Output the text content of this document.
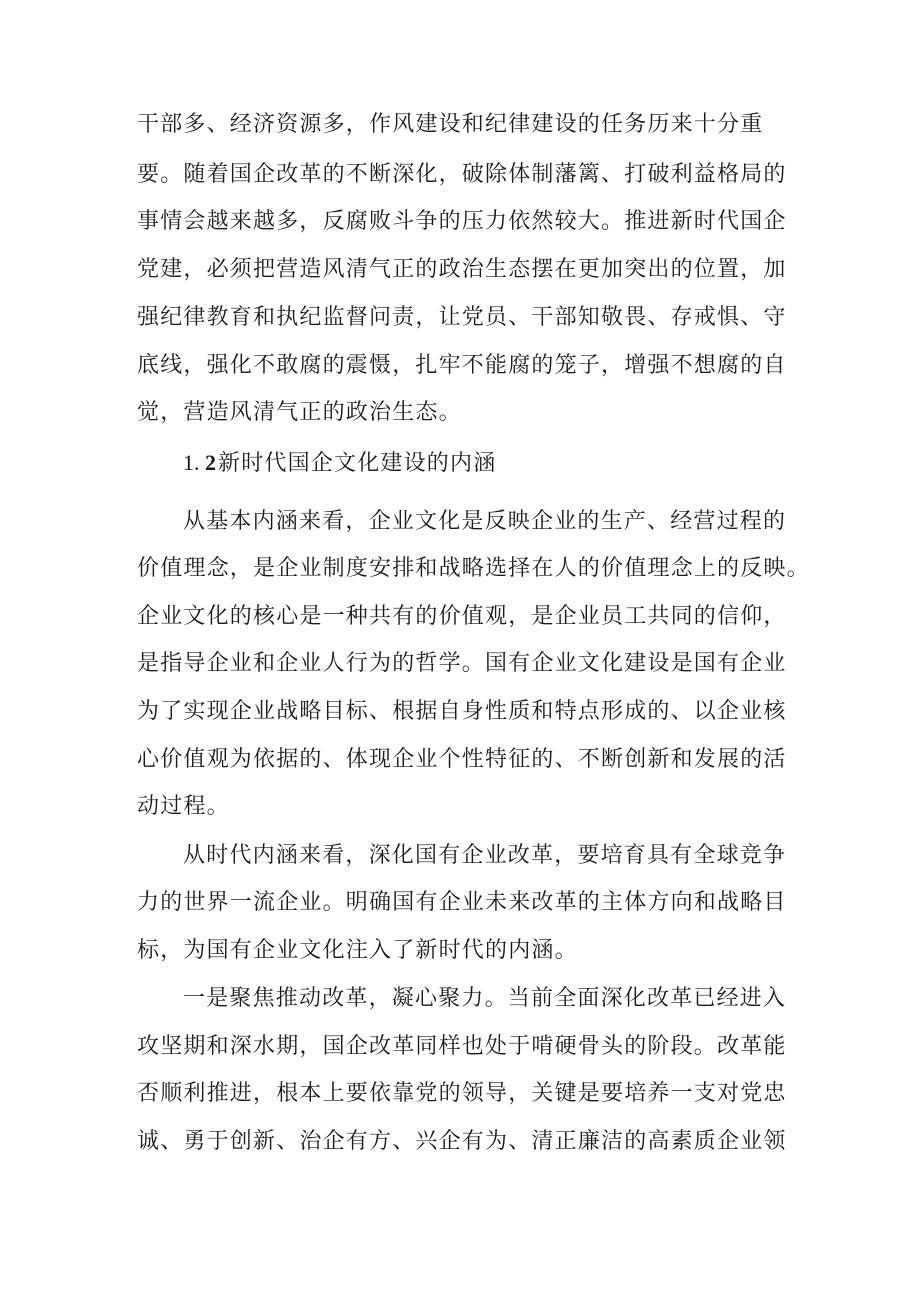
干部多、经济资源多，作风建设和纪律建设的任务历来十分重
要。随着国企改革的不断深化，破除体制藩篱、打破利益格局的
事情会越来越多，反腐败斗争的压力依然较大。推进新时代国企
党建，必须把营造风清气正的政治生态摆在更加突出的位置，加
强纪律教育和执纪监督问责，让党员、干部知敬畏、存戒惧、守
底线，强化不敢腐的震慑，扎牢不能腐的笼子，增强不想腐的自
觉，营造风清气正的政治生态。
1. 2新时代国企文化建设的内涵
从基本内涵来看，企业文化是反映企业的生产、经营过程的
价值理念，是企业制度安排和战略选择在人的价值理念上的反映。
企业文化的核心是一种共有的价值观，是企业员工共同的信仰，
是指导企业和企业人行为的哲学。国有企业文化建设是国有企业
为了实现企业战略目标、根据自身性质和特点形成的、以企业核
心价值观为依据的、体现企业个性特征的、不断创新和发展的活
动过程。
从时代内涵来看，深化国有企业改革，要培育具有全球竞争
力的世界一流企业。明确国有企业未来改革的主体方向和战略目
标，为国有企业文化注入了新时代的内涵。
一是聚焦推动改革，凝心聚力。当前全面深化改革已经进入
攻坚期和深水期，国企改革同样也处于啃硬骨头的阶段。改革能
否顺利推进，根本上要依靠党的领导，关键是要培养一支对党忠
诚、勇于创新、治企有方、兴企有为、清正廉洁的高素质企业领
